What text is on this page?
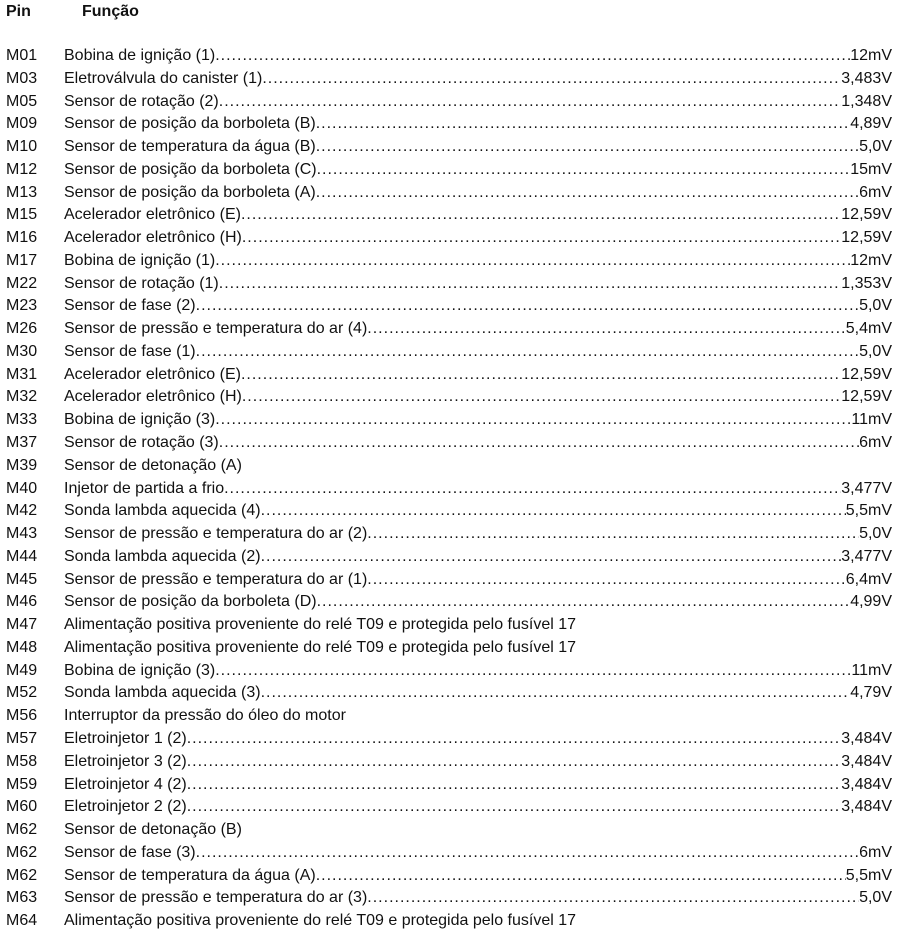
Pin	Função
M01	Bobina de ignição (1) .....	12mV
M03	Eletroválvula do canister (1) .....	3,483V
M05	Sensor de rotação (2) .....	1,348V
M09	Sensor de posição da borboleta (B) .....	4,89V
M10	Sensor de temperatura da água (B) .....	5,0V
M12	Sensor de posição da borboleta (C) .....	15mV
M13	Sensor de posição da borboleta (A) .....	6mV
M15	Acelerador eletrônico (E) .....	12,59V
M16	Acelerador eletrônico (H) .....	12,59V
M17	Bobina de ignição (1) .....	12mV
M22	Sensor de rotação (1) .....	1,353V
M23	Sensor de fase (2) .....	5,0V
M26	Sensor de pressão e temperatura do ar (4) .....	5,4mV
M30	Sensor de fase (1) .....	5,0V
M31	Acelerador eletrônico (E) .....	12,59V
M32	Acelerador eletrônico (H) .....	12,59V
M33	Bobina de ignição (3) .....	11mV
M37	Sensor de rotação (3) .....	6mV
M39	Sensor de detonação (A)
M40	Injetor de partida a frio .....	3,477V
M42	Sonda lambda aquecida (4) .....	5,5mV
M43	Sensor de pressão e temperatura do ar (2) .....	5,0V
M44	Sonda lambda aquecida (2) .....	3,477V
M45	Sensor de pressão e temperatura do ar (1) .....	6,4mV
M46	Sensor de posição da borboleta (D) .....	4,99V
M47	Alimentação positiva proveniente do relé T09 e protegida pelo fusível 17
M48	Alimentação positiva proveniente do relé T09 e protegida pelo fusível 17
M49	Bobina de ignição (3) .....	11mV
M52	Sonda lambda aquecida (3) .....	4,79V
M56	Interruptor da pressão do óleo do motor
M57	Eletroinjetor 1 (2) .....	3,484V
M58	Eletroinjetor 3 (2) .....	3,484V
M59	Eletroinjetor 4 (2) .....	3,484V
M60	Eletroinjetor 2 (2) .....	3,484V
M62	Sensor de detonação (B)
M62	Sensor de fase (3) .....	6mV
M62	Sensor de temperatura da água (A) .....	5,5mV
M63	Sensor de pressão e temperatura do ar (3) .....	5,0V
M64	Alimentação positiva proveniente do relé T09 e protegida pelo fusível 17
